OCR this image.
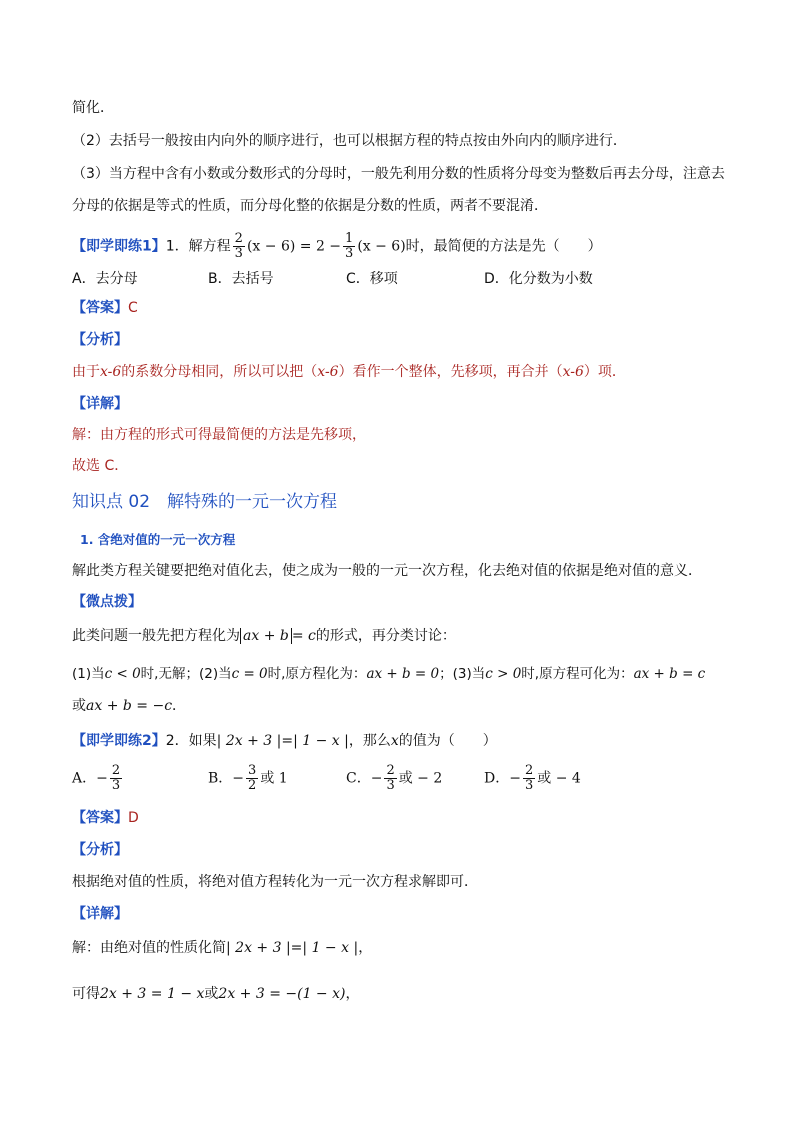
简化．
（2）去括号一般按由内向外的顺序进行，也可以根据方程的特点按由外向内的顺序进行．
（3）当方程中含有小数或分数形式的分母时，一般先利用分数的性质将分母变为整数后再去分母，注意去
分母的依据是等式的性质，而分母化整的依据是分数的性质，两者不要混淆．
【即学即练1】1．解方程 $\frac{2}{3} (x - 6) = 2 - \frac{1}{3} (x - 6)$时，最简便的方法是先（　　）
A．去分母	B．去括号	C．移项	D．化分数为小数
【答案】C
【分析】
由于x-6的系数分母相同，所以可以把（x-6）看作一个整体，先移项，再合并（x-6）项．
【详解】
解：由方程的形式可得最简便的方法是先移项，
故选 C．
知识点 02　解特殊的一元一次方程
1. 含绝对值的一元一次方程
解此类方程关键要把绝对值化去，使之成为一般的一元一次方程，化去绝对值的依据是绝对值的意义．
【微点拨】
此类问题一般先把方程化为 ax + b = c的形式，再分类讨论：
(1)当c < 0时,无解；(2)当c = 0时,原方程化为：ax + b = 0；(3)当c > 0时,原方程可化为：ax + b = c
或ax + b = −c．
【即学即练2】2．如果| 2x + 3 |=| 1 − x |，那么x的值为（　　）
A．− $\frac{2}{3}$	B．− $\frac{3}{2}$ 或 1	C．− $\frac{2}{3}$ 或 − 2	D．− $\frac{2}{3}$ 或 − 4
【答案】D
【分析】
根据绝对值的性质，将绝对值方程转化为一元一次方程求解即可．
【详解】
解：由绝对值的性质化简| 2x + 3 |=| 1 − x |，
可得2x + 3 = 1 − x或2x + 3 = −(1 − x)，
